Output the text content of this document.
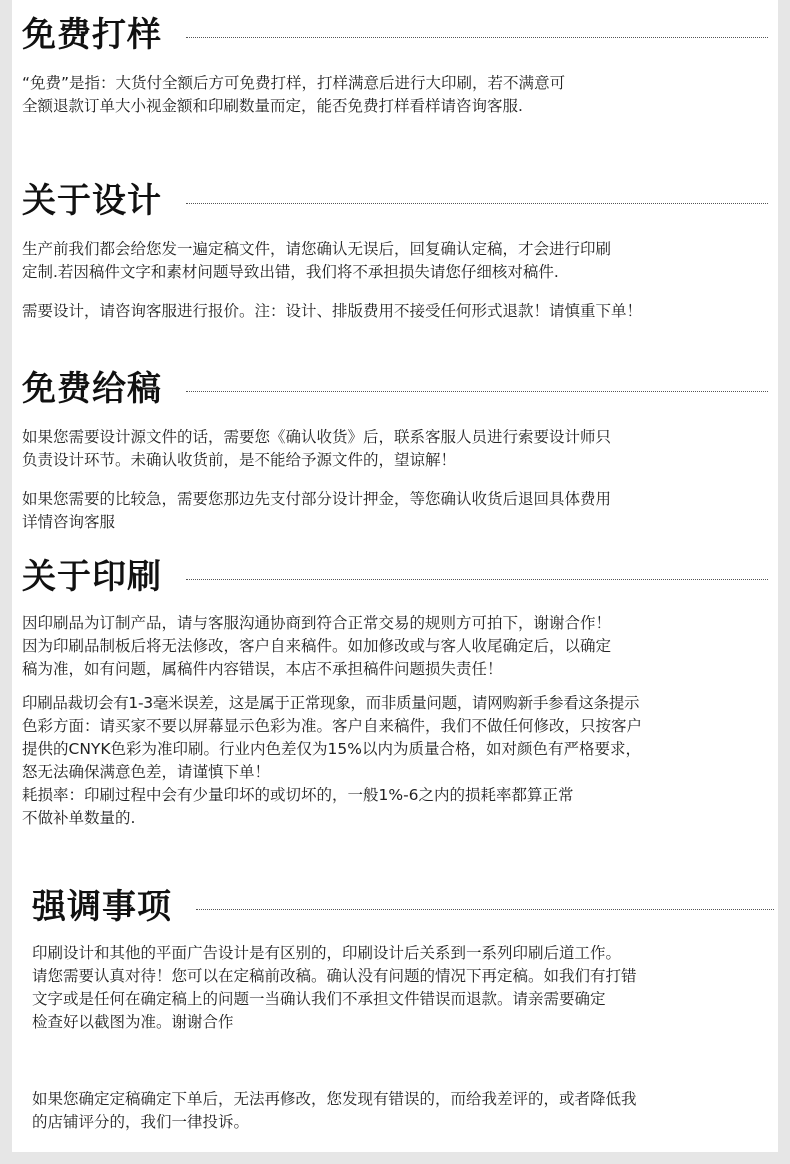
免费打样

“免费”是指：大货付全额后方可免费打样，打样满意后进行大印刷，若不满意可

全额退款订单大小视金额和印刷数量而定，能否免费打样看样请咨询客服.

关于设计

生产前我们都会给您发一遍定稿文件，请您确认无误后，回复确认定稿，才会进行印刷

定制.若因稿件文字和素材问题导致出错，我们将不承担损失请您仔细核对稿件.

需要设计，请咨询客服进行报价。注：设计、排版费用不接受任何形式退款！请慎重下单！

免费给稿

如果您需要设计源文件的话，需要您《确认收货》后，联系客服人员进行索要设计师只

负责设计环节。未确认收货前，是不能给予源文件的，望谅解！

如果您需要的比较急，需要您那边先支付部分设计押金，等您确认收货后退回具体费用

详情咨询客服

关于印刷

因印刷品为订制产品，请与客服沟通协商到符合正常交易的规则方可拍下，谢谢合作！

因为印刷品制板后将无法修改，客户自来稿件。如加修改或与客人收尾确定后，以确定

稿为准，如有问题，属稿件内容错误，本店不承担稿件问题损失责任！

印刷品裁切会有1-3毫米误差，这是属于正常现象，而非质量问题，请网购新手参看这条提示

色彩方面：请买家不要以屏幕显示色彩为准。客户自来稿件，我们不做任何修改，只按客户

提供的CNYK色彩为准印刷。行业内色差仅为15%以内为质量合格，如对颜色有严格要求，

怒无法确保满意色差，请谨慎下单！

耗损率：印刷过程中会有少量印坏的或切坏的，一般1%-6之内的损耗率都算正常

不做补单数量的.

强调事项

印刷设计和其他的平面广告设计是有区别的，印刷设计后关系到一系列印刷后道工作。

请您需要认真对待！您可以在定稿前改稿。确认没有问题的情况下再定稿。如我们有打错

文字或是任何在确定稿上的问题一当确认我们不承担文件错误而退款。请亲需要确定

检查好以截图为准。谢谢合作

如果您确定定稿确定下单后，无法再修改，您发现有错误的，而给我差评的，或者降低我

的店铺评分的，我们一律投诉。
